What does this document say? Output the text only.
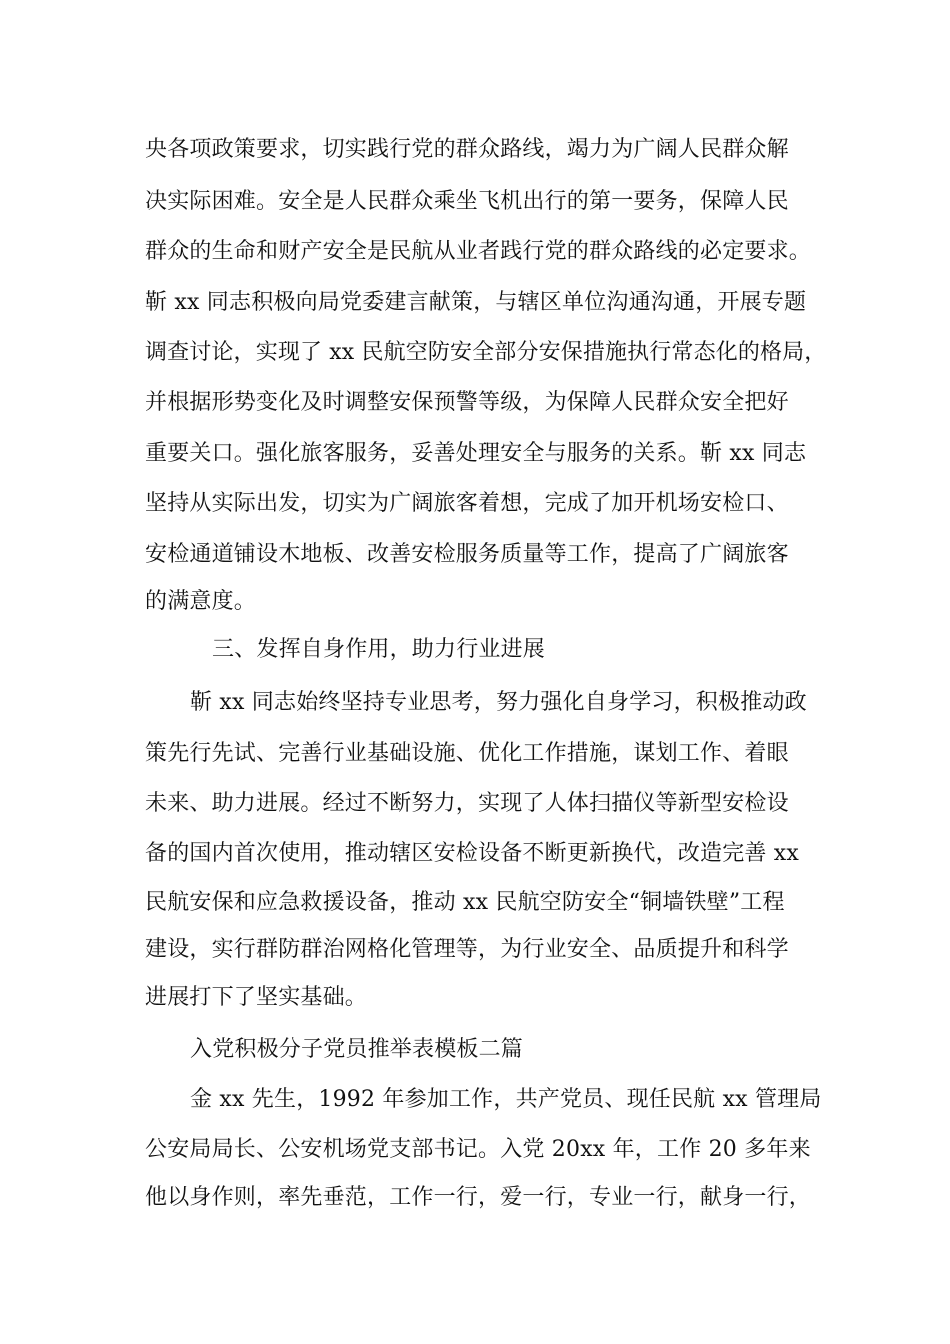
央各项政策要求，切实践行党的群众路线，竭力为广阔人民群众解
决实际困难。安全是人民群众乘坐飞机出行的第一要务，保障人民
群众的生命和财产安全是民航从业者践行党的群众路线的必定要求。
靳 xx 同志积极向局党委建言献策，与辖区单位沟通沟通，开展专题
调查讨论，实现了 xx 民航空防安全部分安保措施执行常态化的格局，
并根据形势变化及时调整安保预警等级，为保障人民群众安全把好
重要关口。强化旅客服务，妥善处理安全与服务的关系。靳 xx 同志
坚持从实际出发，切实为广阔旅客着想，完成了加开机场安检口、
安检通道铺设木地板、改善安检服务质量等工作，提高了广阔旅客
的满意度。
三、发挥自身作用，助力行业进展
靳 xx 同志始终坚持专业思考，努力强化自身学习，积极推动政
策先行先试、完善行业基础设施、优化工作措施，谋划工作、着眼
未来、助力进展。经过不断努力，实现了人体扫描仪等新型安检设
备的国内首次使用，推动辖区安检设备不断更新换代，改造完善 xx
民航安保和应急救援设备，推动 xx 民航空防安全“铜墙铁壁”工程
建设，实行群防群治网格化管理等，为行业安全、品质提升和科学
进展打下了坚实基础。
入党积极分子党员推举表模板二篇
金 xx 先生，1992 年参加工作，共产党员、现任民航 xx 管理局
公安局局长、公安机场党支部书记。入党 20xx 年，工作 20 多年来
他以身作则，率先垂范，工作一行，爱一行，专业一行，献身一行，
